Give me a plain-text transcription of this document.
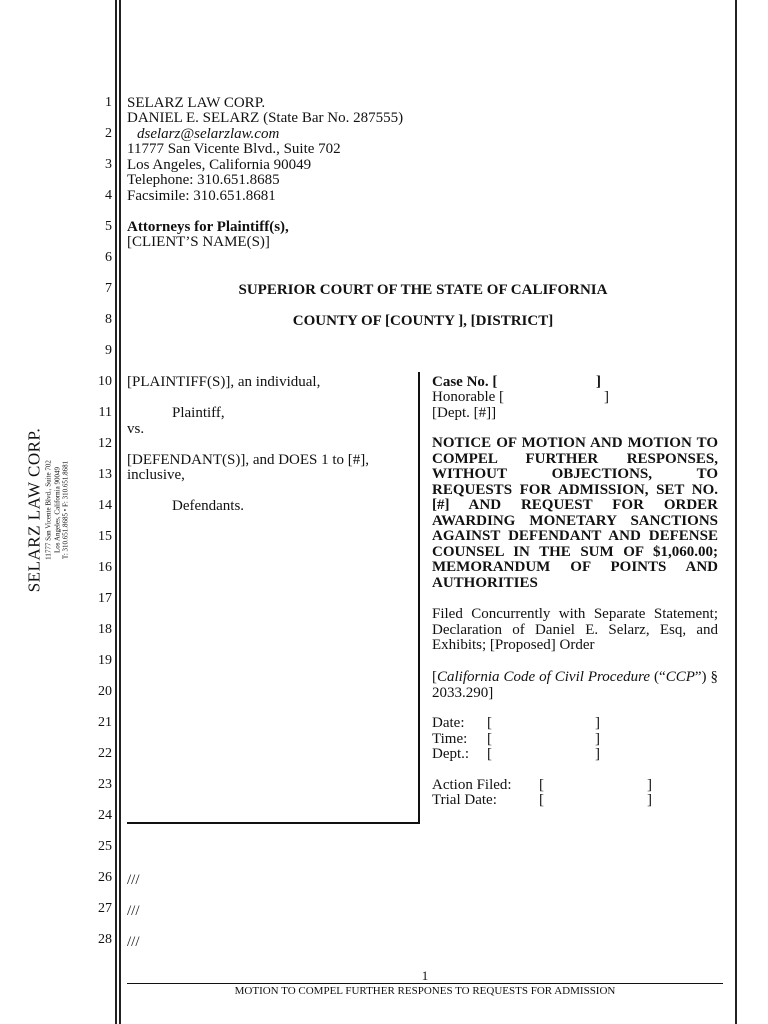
SELARZ LAW CORP. 11777 San Vicente Blvd., Suite 702 Los Angeles, California 90049 T: 310.651.8685 • F: 310.651.8681
1
2
3
4
5
6
7
8
9
10
11
12
13
14
15
16
17
18
19
20
21
22
23
24
25
26
27
28
SELARZ LAW CORP.
DANIEL E. SELARZ (State Bar No. 287555)
dselarz@selarzlaw.com
11777 San Vicente Blvd., Suite 702
Los Angeles, California 90049
Telephone: 310.651.8685
Facsimile: 310.651.8681
Attorneys for Plaintiff(s),
[CLIENT’S NAME(S)]
SUPERIOR COURT OF THE STATE OF CALIFORNIA
COUNTY OF [COUNTY ], [DISTRICT]
[PLAINTIFF(S)], an individual,
Plaintiff,
vs.
[DEFENDANT(S)], and DOES 1 to [#],
inclusive,
Defendants.
Case No. [	]
Honorable [	]
[Dept. [#]]
NOTICE OF MOTION AND MOTION TO COMPEL FURTHER RESPONSES, WITHOUT OBJECTIONS, TO REQUESTS FOR ADMISSION, SET NO. [#] AND REQUEST FOR ORDER AWARDING MONETARY SANCTIONS AGAINST DEFENDANT AND DEFENSE COUNSEL IN THE SUM OF $1,060.00; MEMORANDUM OF POINTS AND AUTHORITIES
Filed Concurrently with Separate Statement; Declaration of Daniel E. Selarz, Esq, and Exhibits; [Proposed] Order
[California Code of Civil Procedure (“CCP”) § 2033.290]
Date: [	]
Time: [	]
Dept.: [	]
Action Filed: [	]
Trial Date:	[	]
///
///
///
1
MOTION TO COMPEL FURTHER RESPONES TO REQUESTS FOR ADMISSION
